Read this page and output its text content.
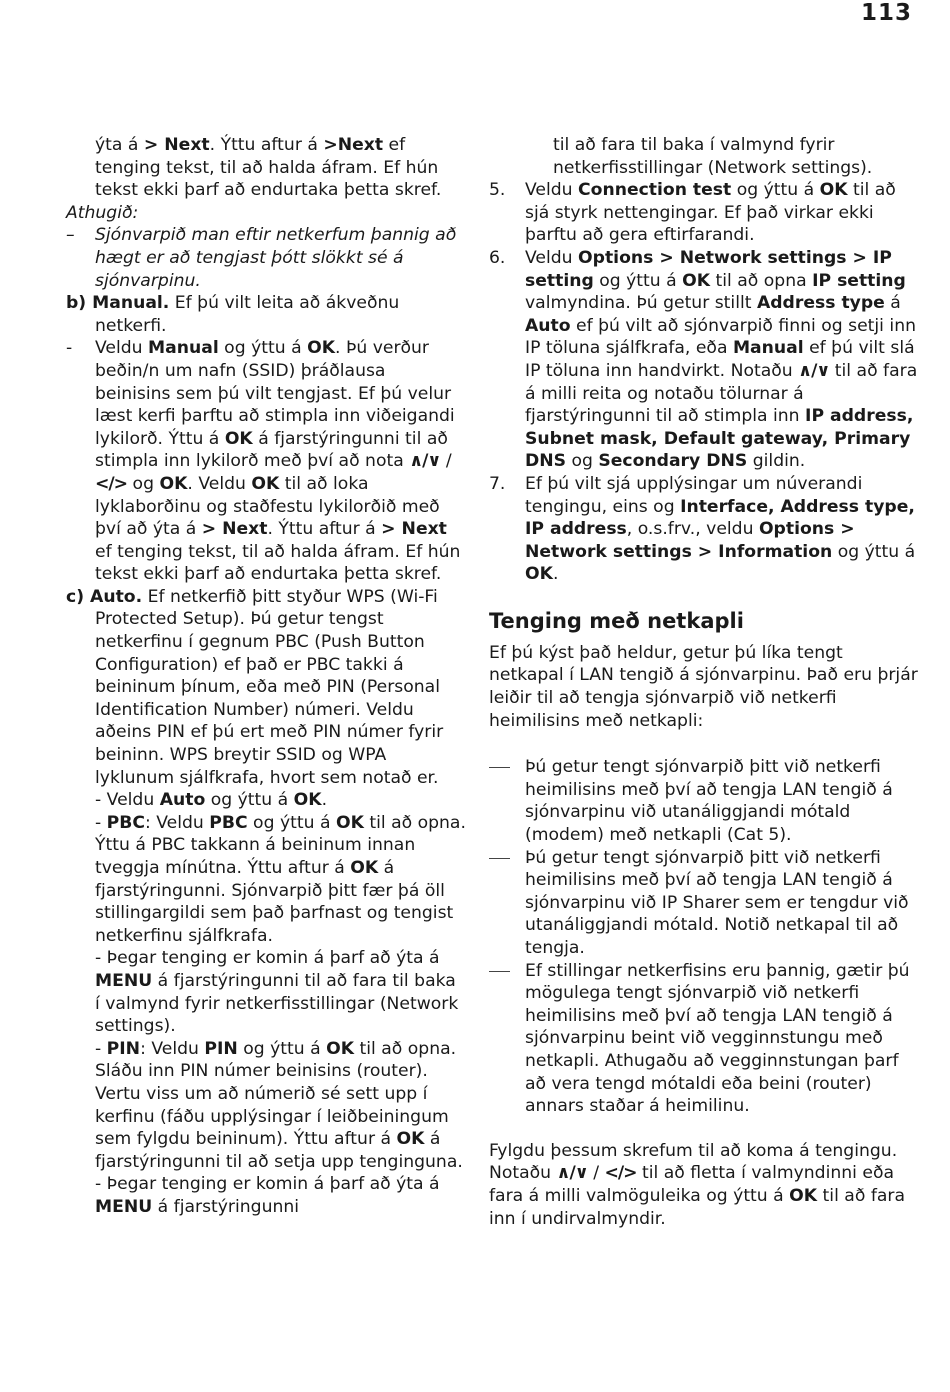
113

ýta á > Next. Ýttu aftur á >Next ef tenging tekst, til að halda áfram. Ef hún tekst ekki þarf að endurtaka þetta skref.

Athugið:

– Sjónvarpið man eftir netkerfum þannig að hægt er að tengjast þótt slökkt sé á sjónvarpinu.

b) Manual. Ef þú vilt leita að ákveðnu netkerfi.

- Veldu Manual og ýttu á OK. Þú verður beðin/n um nafn (SSID) þráðlausa beinisins sem þú vilt tengjast. Ef þú velur læst kerfi þarftu að stimpla inn viðeigandi lykilorð. Ýttu á OK á fjarstýringunni til að stimpla inn lykilorð með því að nota ∧/∨ / </> og OK. Veldu OK til að loka lyklaborðinu og staðfestu lykilorðið með því að ýta á > Next. Ýttu aftur á > Next ef tenging tekst, til að halda áfram. Ef hún tekst ekki þarf að endurtaka þetta skref.

c) Auto. Ef netkerfið þitt styður WPS (Wi-Fi Protected Setup). Þú getur tengst netkerfinu í gegnum PBC (Push Button Configuration) ef það er PBC takki á beininum þínum, eða með PIN (Personal Identification Number) númeri. Veldu aðeins PIN ef þú ert með PIN númer fyrir beininn. WPS breytir SSID og WPA lyklunum sjálfkrafa, hvort sem notað er.

- Veldu Auto og ýttu á OK.

- PBC: Veldu PBC og ýttu á OK til að opna. Ýttu á PBC takkann á beininum innan tveggja mínútna. Ýttu aftur á OK á fjarstýringunni. Sjónvarpið þitt fær þá öll stillingargildi sem það þarfnast og tengist netkerfinu sjálfkrafa.

- Þegar tenging er komin á þarf að ýta á MENU á fjarstýringunni til að fara til baka í valmynd fyrir netkerfisstillingar (Network settings).

- PIN: Veldu PIN og ýttu á OK til að opna. Sláðu inn PIN númer beinisins (router). Vertu viss um að númerið sé sett upp í kerfinu (fáðu upplýsingar í leiðbeiningum sem fylgdu beininum). Ýttu aftur á OK á fjarstýringunni til að setja upp tenginguna.

- Þegar tenging er komin á þarf að ýta á MENU á fjarstýringunni

til að fara til baka í valmynd fyrir netkerfisstillingar (Network settings).

5.	Veldu Connection test og ýttu á OK til að sjá styrk nettengingar. Ef það virkar ekki þarftu að gera eftirfarandi.
6.	Veldu Options > Network settings > IP setting og ýttu á OK til að opna IP setting valmyndina. Þú getur stillt Address type á Auto ef þú vilt að sjónvarpið finni og setji inn IP töluna sjálfkrafa, eða Manual ef þú vilt slá IP töluna inn handvirkt. Notaðu ∧/∨ til að fara á milli reita og notaðu tölurnar á fjarstýringunni til að stimpla inn IP address, Subnet mask, Default gateway, Primary DNS og Secondary DNS gildin.
7.	Ef þú vilt sjá upplýsingar um núverandi tengingu, eins og Interface, Address type, IP address, o.s.frv., veldu Options > Network settings > Information og ýttu á OK.
Tenging með netkapli

Ef þú kýst það heldur, getur þú líka tengt netkapal í LAN tengið á sjónvarpinu. Það eru þrjár leiðir til að tengja sjónvarpið við netkerfi heimilisins með netkapli:

Þú getur tengt sjónvarpið þitt við netkerfi heimilisins með því að tengja LAN tengið á sjónvarpinu við utanáliggjandi mótald (modem) með netkapli (Cat 5).
Þú getur tengt sjónvarpið þitt við netkerfi heimilisins með því að tengja LAN tengið á sjónvarpinu við IP Sharer sem er tengdur við utanáliggjandi mótald. Notið netkapal til að tengja.
Ef stillingar netkerfisins eru þannig, gætir þú mögulega tengt sjónvarpið við netkerfi heimilisins með því að tengja LAN tengið á sjónvarpinu beint við vegginnstungu með netkapli. Athugaðu að vegginnstungan þarf að vera tengd mótaldi eða beini (router) annars staðar á heimilinu.

Fylgdu þessum skrefum til að koma á tengingu. Notaðu ∧/∨ / </> til að fletta í valmyndinni eða fara á milli valmöguleika og ýttu á OK til að fara inn í undirvalmyndir.
